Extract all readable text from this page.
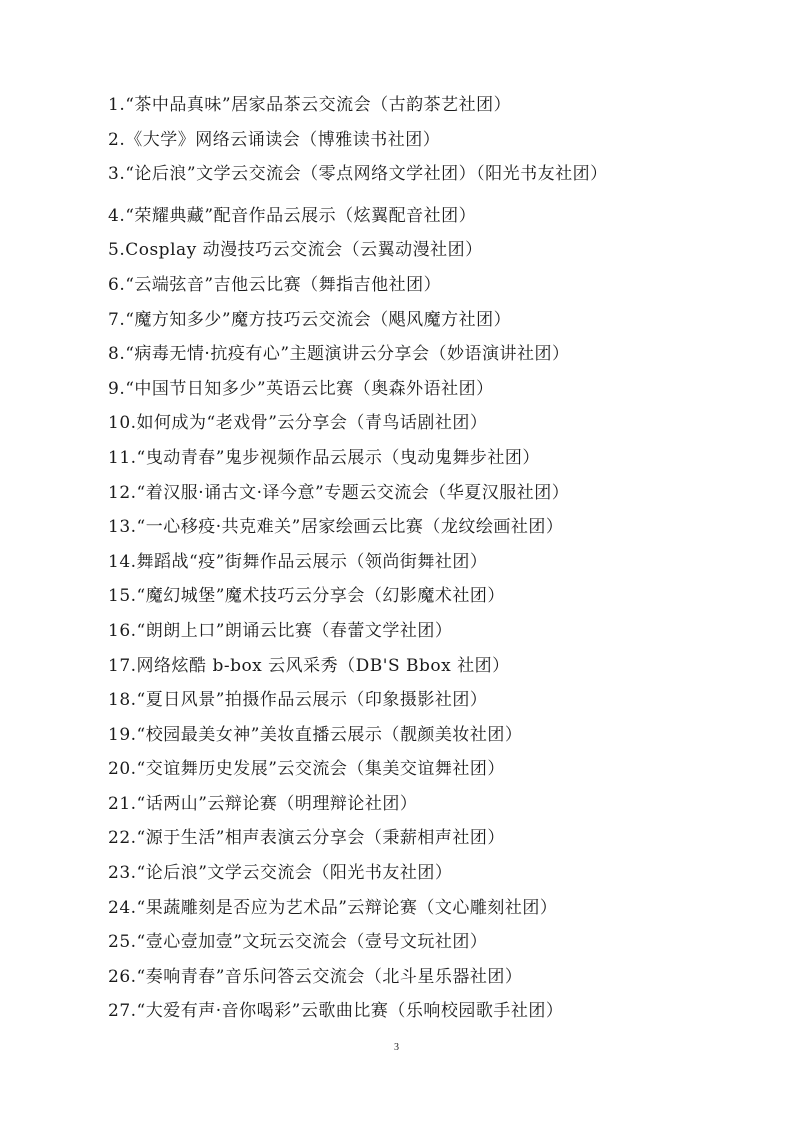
1.“茶中品真味”居家品茶云交流会（古韵茶艺社团）
2.《大学》网络云诵读会（博雅读书社团）
3.“论后浪”文学云交流会（零点网络文学社团）（阳光书友社团）
4.“荣耀典藏”配音作品云展示（炫翼配音社团）
5.Cosplay 动漫技巧云交流会（云翼动漫社团）
6.“云端弦音”吉他云比赛（舞指吉他社团）
7.“魔方知多少”魔方技巧云交流会（飓风魔方社团）
8.“病毒无情·抗疫有心”主题演讲云分享会（妙语演讲社团）
9.“中国节日知多少”英语云比赛（奥森外语社团）
10.如何成为“老戏骨”云分享会（青鸟话剧社团）
11.“曳动青春”鬼步视频作品云展示（曳动鬼舞步社团）
12.“着汉服·诵古文·译今意”专题云交流会（华夏汉服社团）
13.“一心移疫·共克难关”居家绘画云比赛（龙纹绘画社团）
14.舞蹈战“疫”街舞作品云展示（领尚街舞社团）
15.“魔幻城堡”魔术技巧云分享会（幻影魔术社团）
16.“朗朗上口”朗诵云比赛（春蕾文学社团）
17.网络炫酷 b-box 云风采秀（DB'S Bbox 社团）
18.“夏日风景”拍摄作品云展示（印象摄影社团）
19.“校园最美女神”美妆直播云展示（靓颜美妆社团）
20.“交谊舞历史发展”云交流会（集美交谊舞社团）
21.“话两山”云辩论赛（明理辩论社团）
22.“源于生活”相声表演云分享会（秉薪相声社团）
23.“论后浪”文学云交流会（阳光书友社团）
24.“果蔬雕刻是否应为艺术品”云辩论赛（文心雕刻社团）
25.“壹心壹加壹”文玩云交流会（壹号文玩社团）
26.“奏响青春”音乐问答云交流会（北斗星乐器社团）
27.“大爱有声·音你喝彩”云歌曲比赛（乐响校园歌手社团）
3
